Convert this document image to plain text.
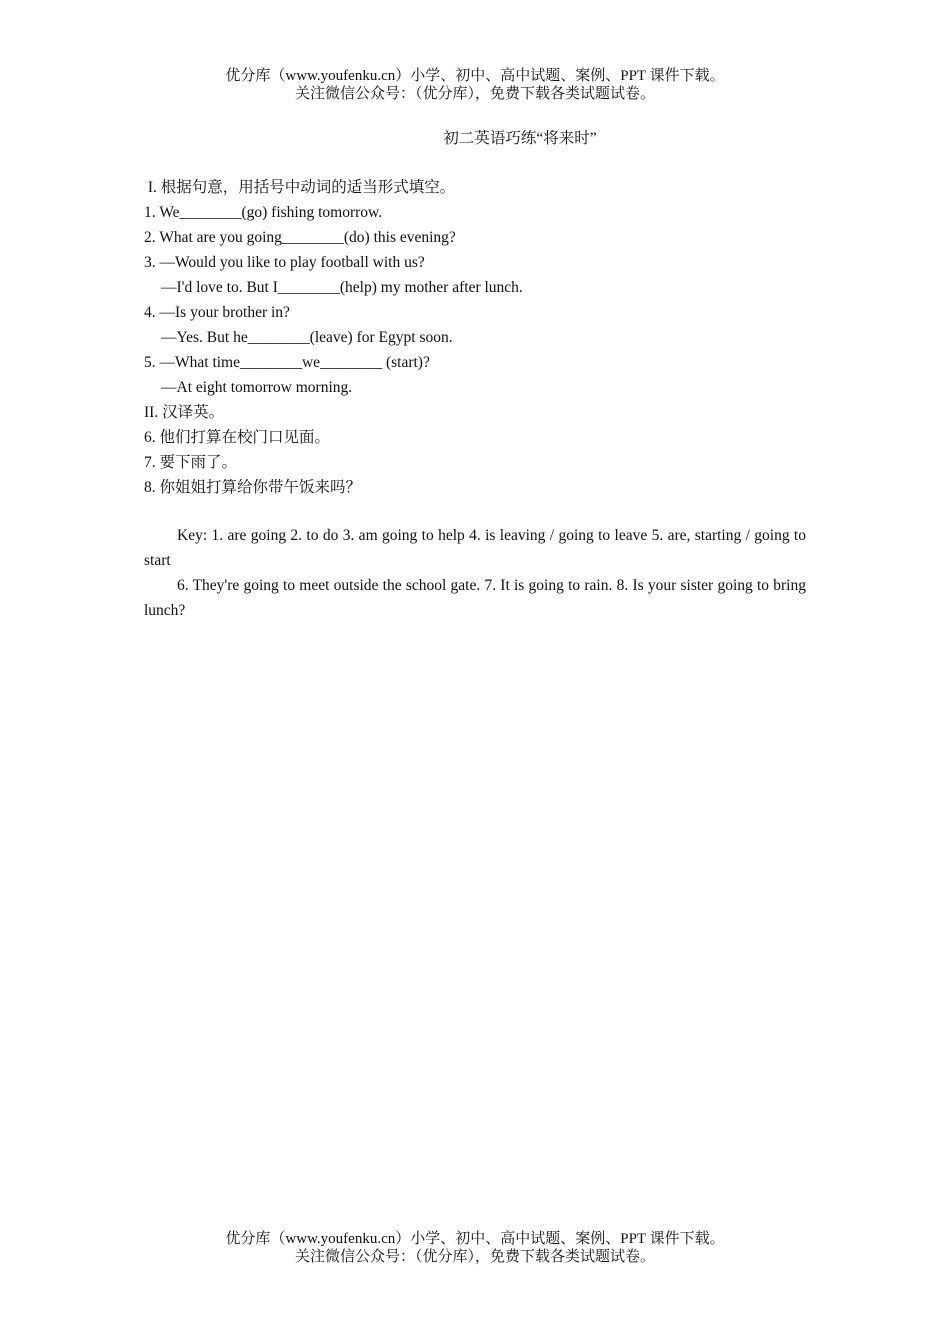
优分库（www.youfenku.cn）小学、初中、高中试题、案例、PPT 课件下载。
关注微信公众号：（优分库），免费下载各类试题试卷。
初二英语巧练“将来时”
I. 根据句意，用括号中动词的适当形式填空。
1. We________(go) fishing tomorrow.
2. What are you going________(do) this evening?
3. —Would you like to play football with us?
—I'd love to. But I________(help) my mother after lunch.
4. —Is your brother in?
—Yes. But he________(leave) for Egypt soon.
5. —What time________we________ (start)?
—At eight tomorrow morning.
II. 汉译英。
6. 他们打算在校门口见面。
7. 要下雨了。
8. 你姐姐打算给你带午饭来吗？

Key: 1. are going 2. to do 3. am going to help 4. is leaving / going to leave 5. are, starting / going to start

6. They're going to meet outside the school gate. 7. It is going to rain. 8. Is your sister going to bring lunch?

优分库（www.youfenku.cn）小学、初中、高中试题、案例、PPT 课件下载。
关注微信公众号：（优分库），免费下载各类试题试卷。
